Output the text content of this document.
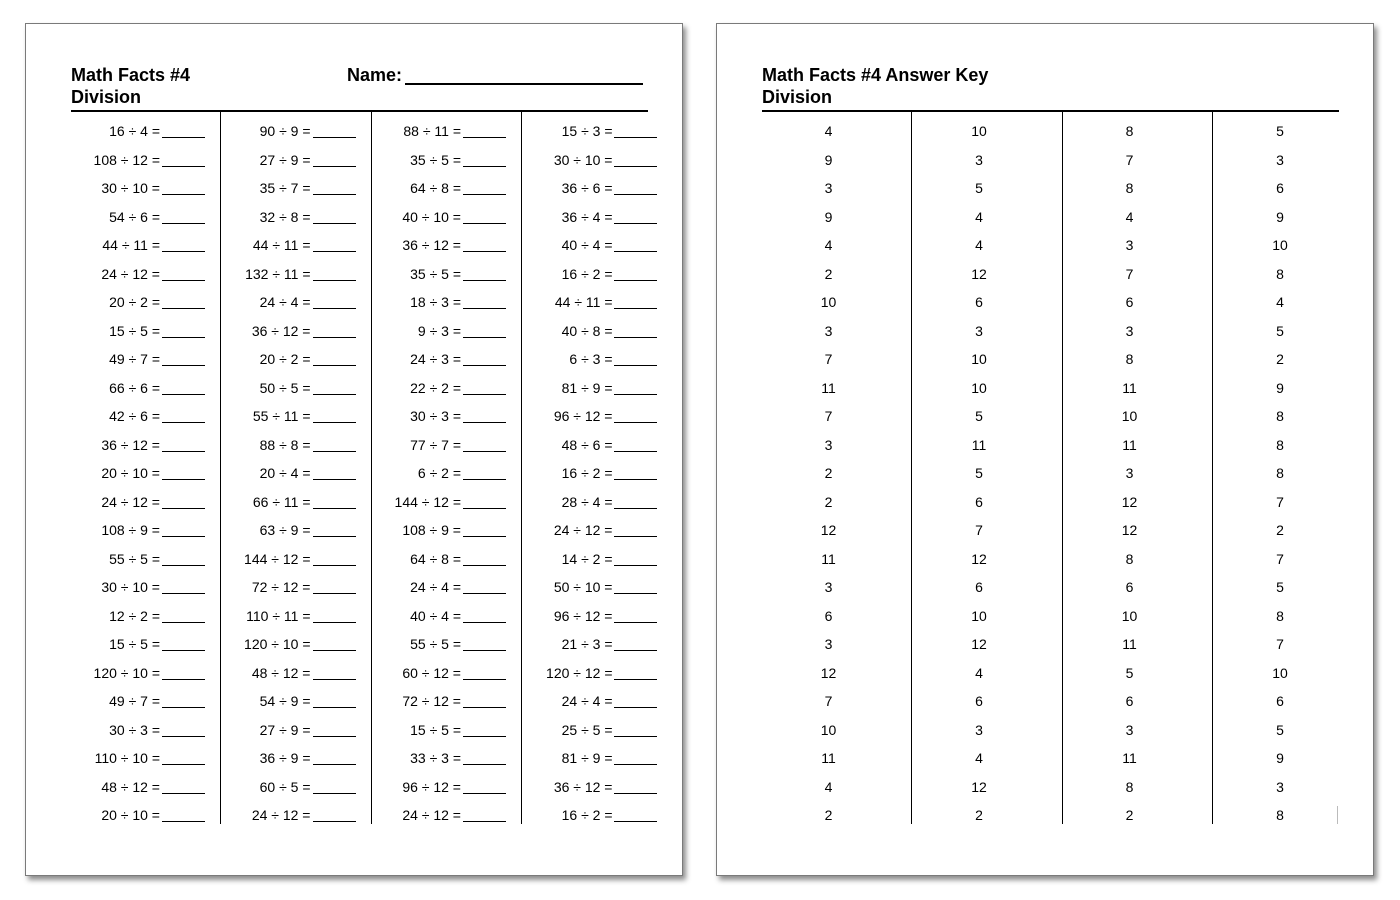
Math Facts #4
Division
Name:
16 ÷ 4 =
108 ÷ 12 =
30 ÷ 10 =
54 ÷ 6 =
44 ÷ 11 =
24 ÷ 12 =
20 ÷ 2 =
15 ÷ 5 =
49 ÷ 7 =
66 ÷ 6 =
42 ÷ 6 =
36 ÷ 12 =
20 ÷ 10 =
24 ÷ 12 =
108 ÷ 9 =
55 ÷ 5 =
30 ÷ 10 =
12 ÷ 2 =
15 ÷ 5 =
120 ÷ 10 =
49 ÷ 7 =
30 ÷ 3 =
110 ÷ 10 =
48 ÷ 12 =
20 ÷ 10 =
90 ÷ 9 =
27 ÷ 9 =
35 ÷ 7 =
32 ÷ 8 =
44 ÷ 11 =
132 ÷ 11 =
24 ÷ 4 =
36 ÷ 12 =
20 ÷ 2 =
50 ÷ 5 =
55 ÷ 11 =
88 ÷ 8 =
20 ÷ 4 =
66 ÷ 11 =
63 ÷ 9 =
144 ÷ 12 =
72 ÷ 12 =
110 ÷ 11 =
120 ÷ 10 =
48 ÷ 12 =
54 ÷ 9 =
27 ÷ 9 =
36 ÷ 9 =
60 ÷ 5 =
24 ÷ 12 =
88 ÷ 11 =
35 ÷ 5 =
64 ÷ 8 =
40 ÷ 10 =
36 ÷ 12 =
35 ÷ 5 =
18 ÷ 3 =
9 ÷ 3 =
24 ÷ 3 =
22 ÷ 2 =
30 ÷ 3 =
77 ÷ 7 =
6 ÷ 2 =
144 ÷ 12 =
108 ÷ 9 =
64 ÷ 8 =
24 ÷ 4 =
40 ÷ 4 =
55 ÷ 5 =
60 ÷ 12 =
72 ÷ 12 =
15 ÷ 5 =
33 ÷ 3 =
96 ÷ 12 =
24 ÷ 12 =
15 ÷ 3 =
30 ÷ 10 =
36 ÷ 6 =
36 ÷ 4 =
40 ÷ 4 =
16 ÷ 2 =
44 ÷ 11 =
40 ÷ 8 =
6 ÷ 3 =
81 ÷ 9 =
96 ÷ 12 =
48 ÷ 6 =
16 ÷ 2 =
28 ÷ 4 =
24 ÷ 12 =
14 ÷ 2 =
50 ÷ 10 =
96 ÷ 12 =
21 ÷ 3 =
120 ÷ 12 =
24 ÷ 4 =
25 ÷ 5 =
81 ÷ 9 =
36 ÷ 12 =
16 ÷ 2 =
Math Facts #4 Answer Key
Division
4
9
3
9
4
2
10
3
7
11
7
3
2
2
12
11
3
6
3
12
7
10
11
4
2
10
3
5
4
4
12
6
3
10
10
5
11
5
6
7
12
6
10
12
4
6
3
4
12
2
8
7
8
4
3
7
6
3
8
11
10
11
3
12
12
8
6
10
11
5
6
3
11
8
2
5
3
6
9
10
8
4
5
2
9
8
8
8
7
2
7
5
8
7
10
6
5
9
3
8
